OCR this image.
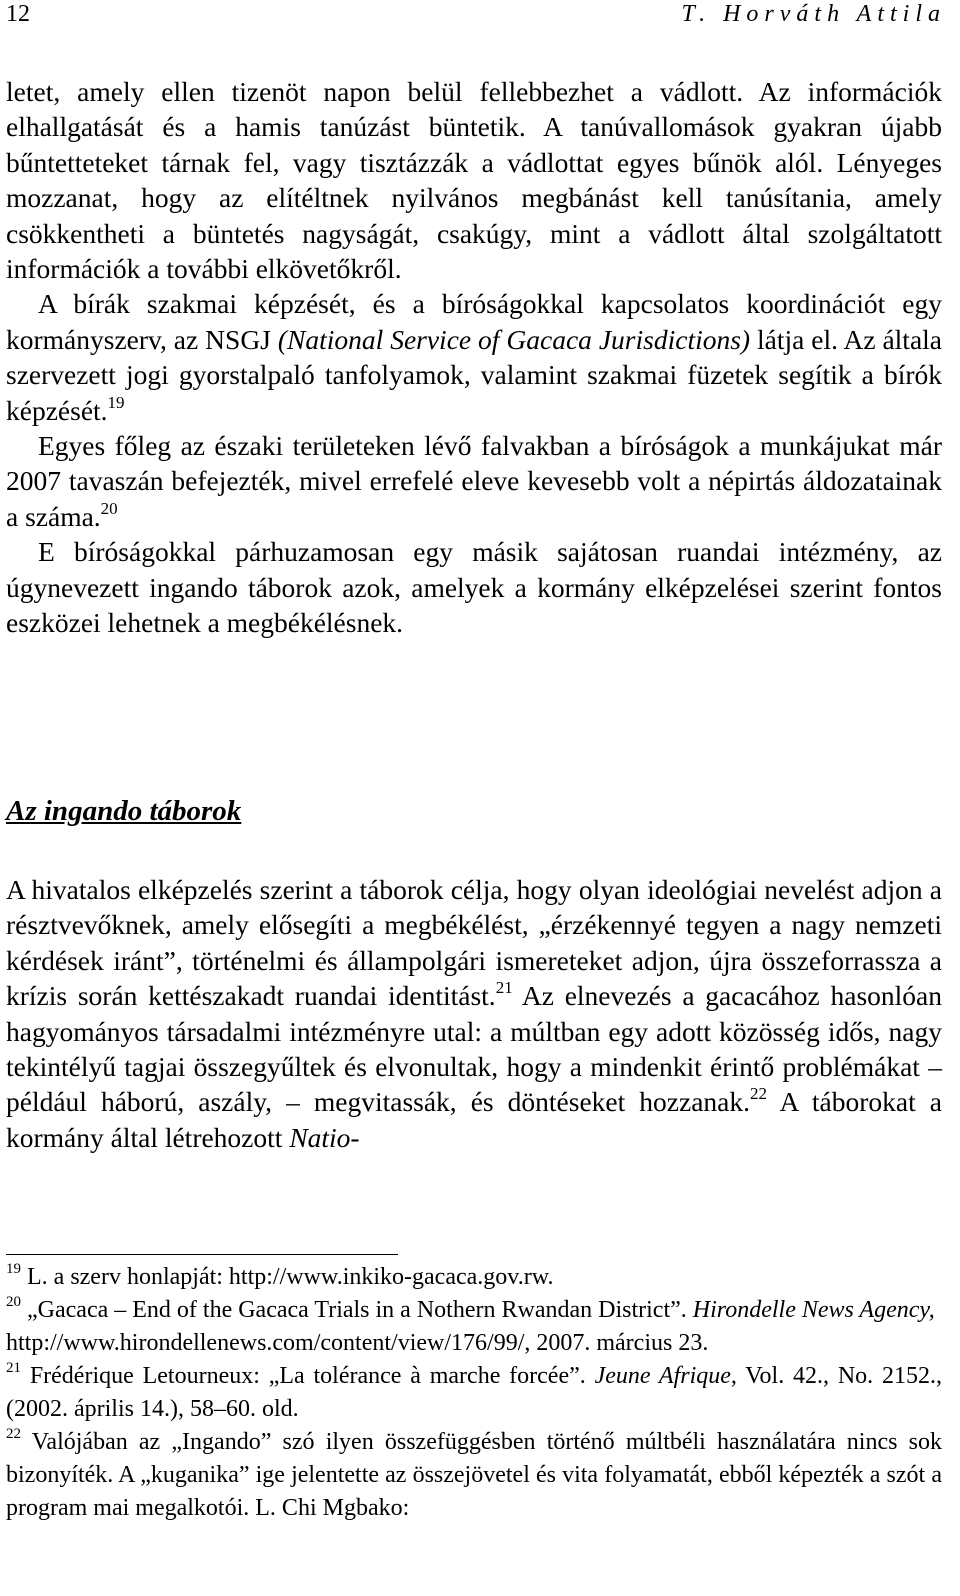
12	T. Horváth Attila

letet, amely ellen tizenöt napon belül fellebbezhet a vádlott. Az információk elhallgatását és a hamis tanúzást büntetik. A tanúvallomások gyakran újabb bűntetteteket tárnak fel, vagy tisztázzák a vádlottat egyes bűnök alól. Lényeges mozzanat, hogy az elítéltnek nyilvános megbánást kell tanúsítania, amely csökkentheti a büntetés nagyságát, csakúgy, mint a vádlott által szolgáltatott információk a további elkövetőkről.

A bírák szakmai képzését, és a bíróságokkal kapcsolatos koordinációt egy kormányszerv, az NSGJ (National Service of Gacaca Jurisdictions) látja el. Az általa szervezett jogi gyorstalpaló tanfolyamok, valamint szakmai füzetek segítik a bírók képzését.$^{19}$

Egyes főleg az északi területeken lévő falvakban a bíróságok a munkájukat már 2007 tavaszán befejezték, mivel errefelé eleve kevesebb volt a népirtás áldozatainak a száma.$^{20}$

E bíróságokkal párhuzamosan egy másik sajátosan ruandai intézmény, az úgynevezett ingando táborok azok, amelyek a kormány elképzelései szerint fontos eszközei lehetnek a megbékélésnek.

Az ingando táborok

A hivatalos elképzelés szerint a táborok célja, hogy olyan ideológiai nevelést adjon a résztvevőknek, amely elősegíti a megbékélést, „érzékennyé tegyen a nagy nemzeti kérdések iránt”, történelmi és állampolgári ismereteket adjon, újra összeforrassza a krízis során kettészakadt ruandai identitást.$^{21}$ Az elnevezés a gacacához hasonlóan hagyományos társadalmi intézményre utal: a múltban egy adott közösség idős, nagy tekintélyű tagjai összegyűltek és elvonultak, hogy a mindenkit érintő problémákat – például háború, aszály, – megvitassák, és döntéseket hozzanak.$^{22}$ A táborokat a kormány által létrehozott Natio-

$^{19}$ L. a szerv honlapját: http://www.inkiko-gacaca.gov.rw.

$^{20}$ „Gacaca – End of the Gacaca Trials in a Nothern Rwandan District”. Hirondelle News Agency,
http://www.hirondellenews.com/content/view/176/99/, 2007. március 23.

$^{21}$ Frédérique Letourneux: „La tolérance à marche forcée”. Jeune Afrique, Vol. 42., No. 2152., (2002. április 14.), 58–60. old.

$^{22}$ Valójában az „Ingando” szó ilyen összefüggésben történő múltbéli használatára nincs sok bizonyíték. A „kuganika” ige jelentette az összejövetel és vita folyamatát, ebből képezték a szót a program mai megalkotói. L. Chi Mgbako:
